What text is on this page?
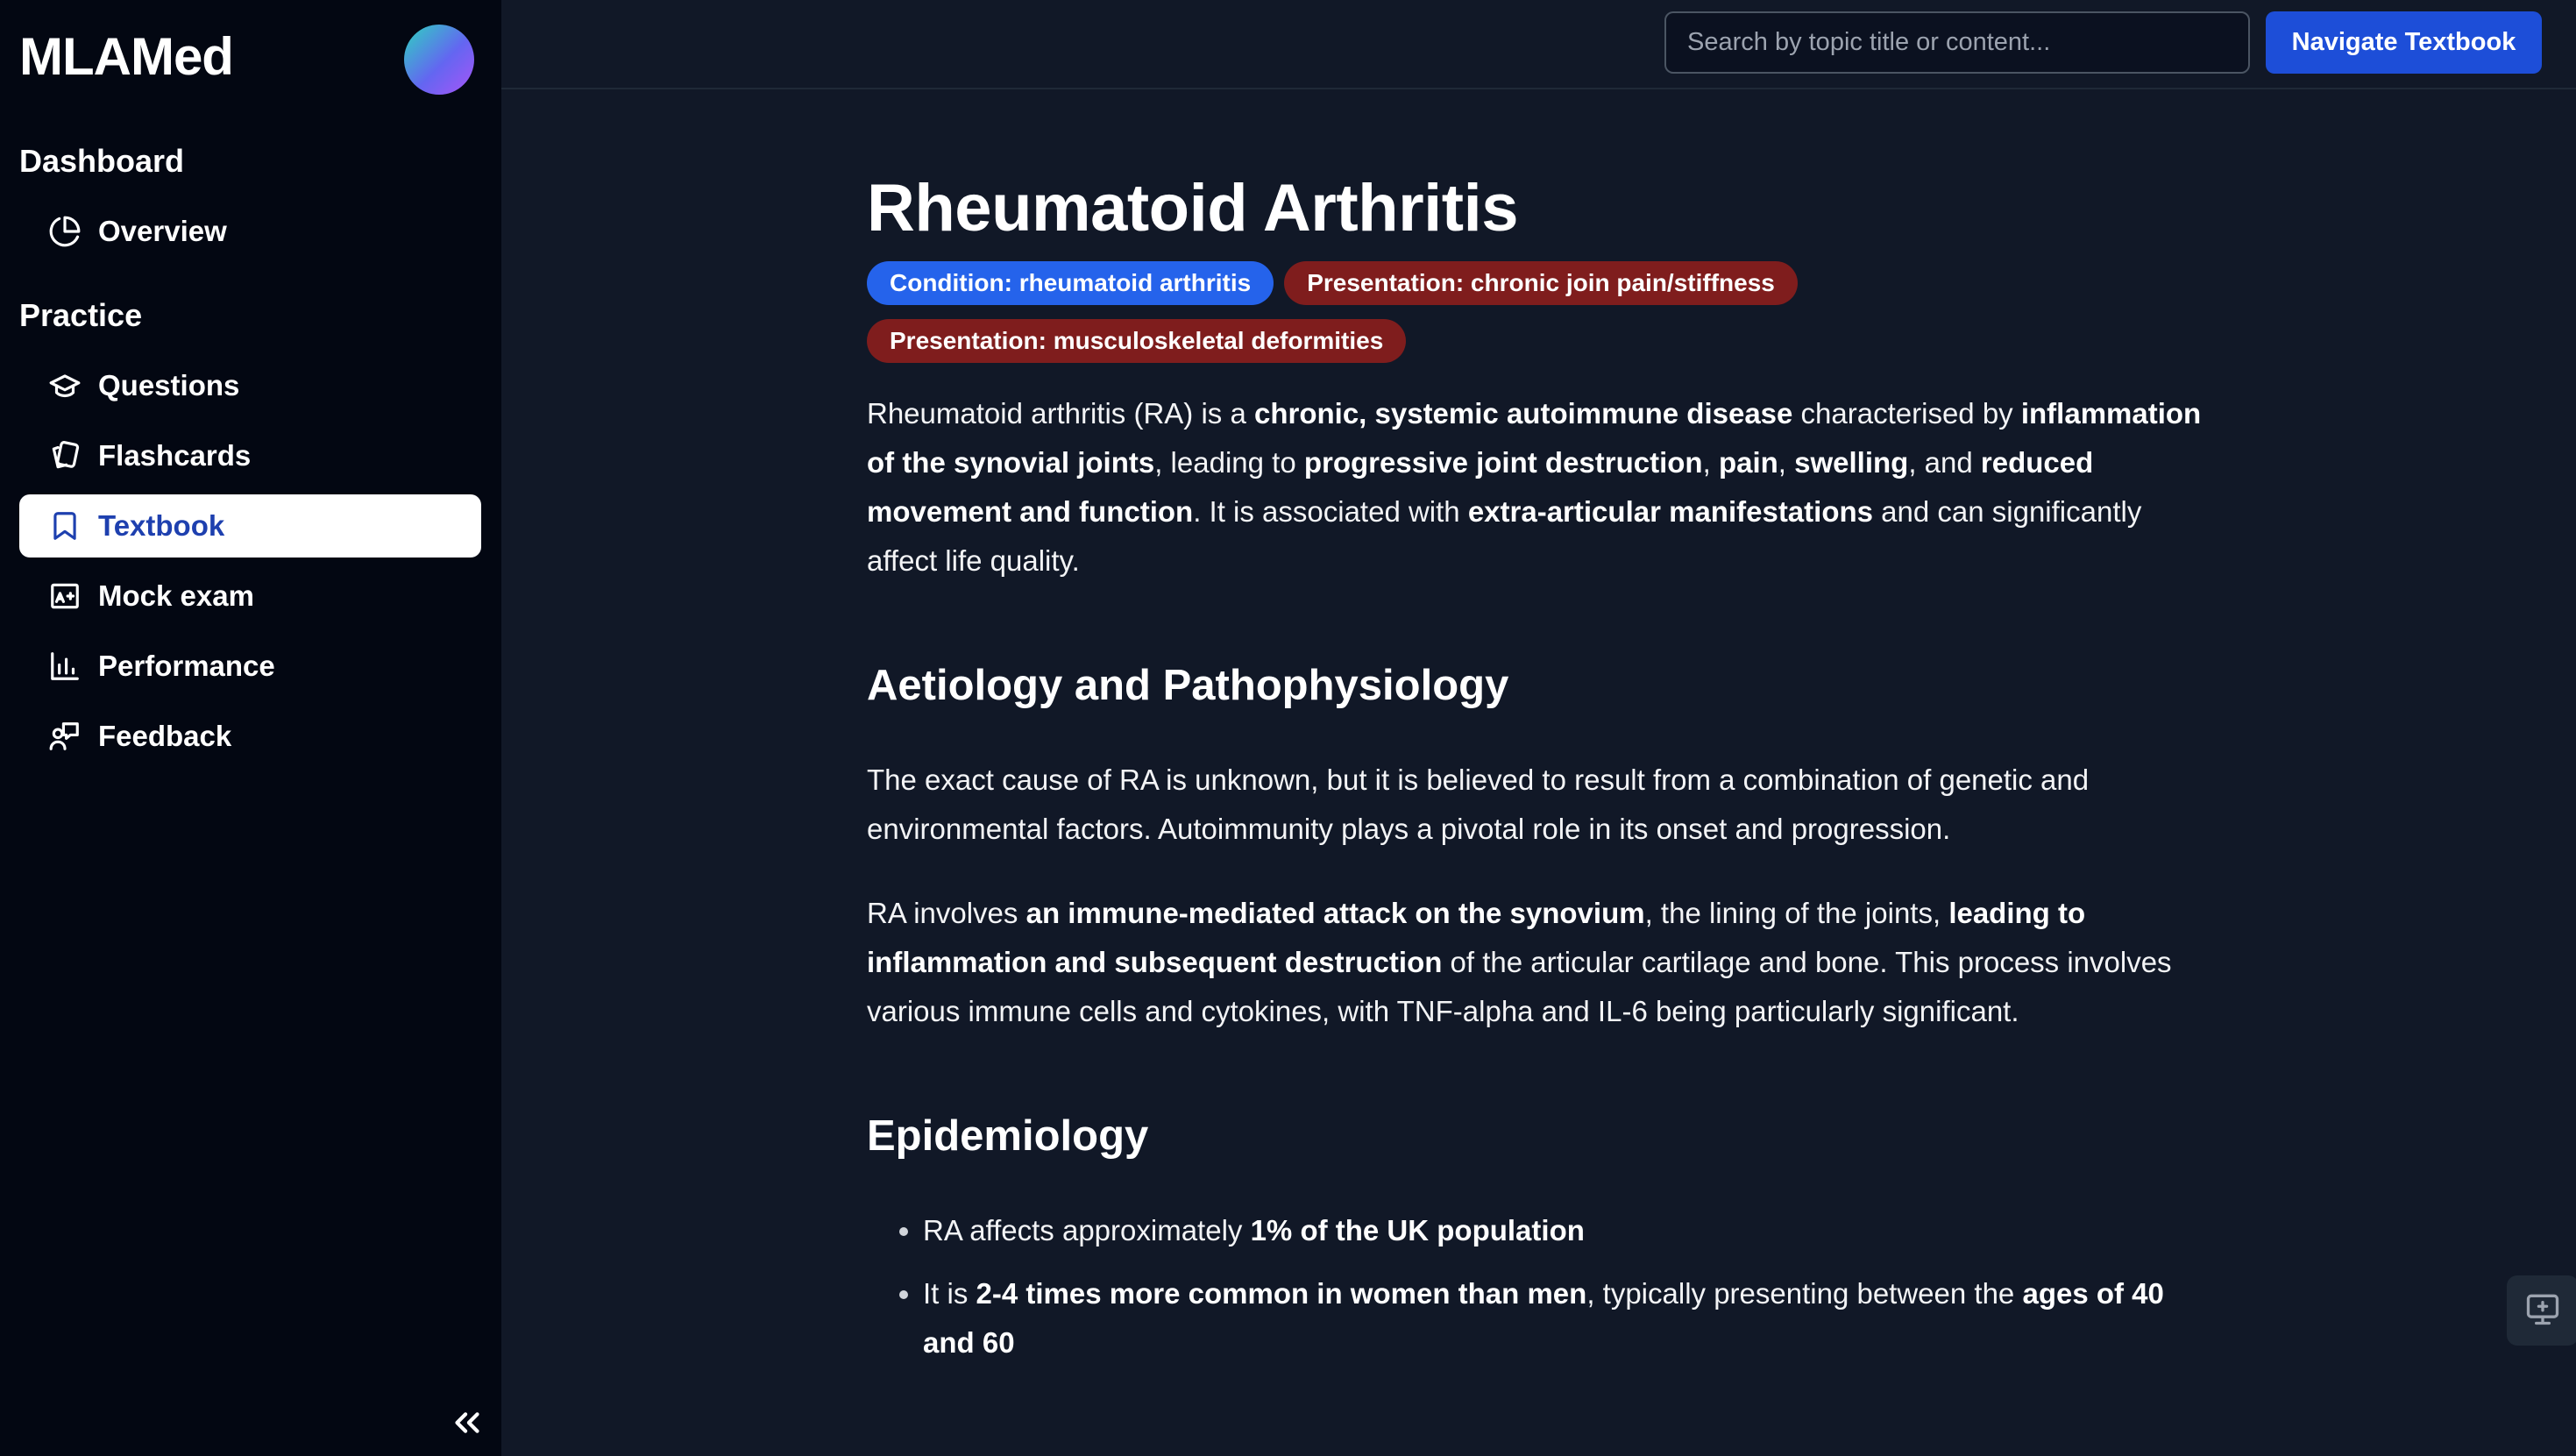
MLAMed
Dashboard
Overview
Practice
Questions
Flashcards
Textbook
Mock exam
Performance
Feedback
Search by topic title or content...
Navigate Textbook
Rheumatoid Arthritis
Condition: rheumatoid arthritis Presentation: chronic join pain/stiffnessPresentation: musculoskeletal deformities

Rheumatoid arthritis (RA) is a chronic, systemic autoimmune disease characterised by inflammation of the synovial joints, leading to progressive joint destruction, pain, swelling, and reduced movement and function. It is associated with extra-articular manifestations and can significantly affect life quality.

Aetiology and Pathophysiology

The exact cause of RA is unknown, but it is believed to result from a combination of genetic and environmental factors. Autoimmunity plays a pivotal role in its onset and progression.

RA involves an immune-mediated attack on the synovium, the lining of the joints, leading to inflammation and subsequent destruction of the articular cartilage and bone. This process involves various immune cells and cytokines, with TNF-alpha and IL-6 being particularly significant.

Epidemiology
• RA affects approximately 1% of the UK population
• It is 2-4 times more common in women than men, typically presenting between the ages of 40 and 60
